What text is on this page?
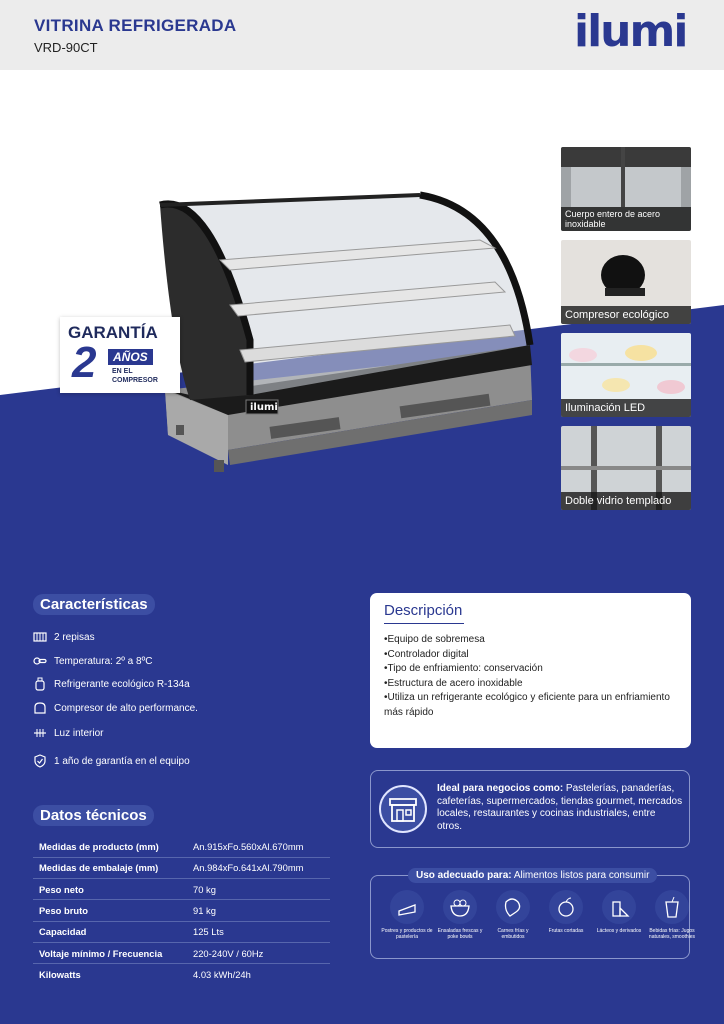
VITRINA REFRIGERADA
VRD-90CT	ilumi
ilumi
GARANTÍA
2	AÑOS
EN EL
COMPRESOR
Cuerpo entero de acero inoxidable
Compresor ecológico
Iluminación LED
Doble vidrio templado
Características
2 repisas
Temperatura: 2º a 8ºC
Refrigerante ecológico R-134a
Compresor de alto performance.
Luz interior
1 año de garantía en el equipo
Descripción
•Equipo de sobremesa
•Controlador digital
•Tipo de enfriamiento: conservación
•Estructura de acero inoxidable
•Utiliza un refrigerante ecológico y eficiente para un enfriamiento más rápido
Ideal para negocios como: Pastelerías, panaderías, cafeterías, supermercados, tiendas gourmet, mercados locales, restaurantes y cocinas industriales, entre otros.
Uso adecuado para: Alimentos listos para consumir
Postres y productos de pastelería
Ensaladas frescas y poke bowls
Carnes frías y embutidos
Frutas cortadas	Lácteos y derivados	Bebidas frías: Jugos naturales, smoothies
Datos técnicos
Medidas de producto (mm)	An.915xFo.560xAl.670mm
Medidas de embalaje (mm)	An.984xFo.641xAl.790mm
Peso neto	70 kg
Peso bruto	91 kg
Capacidad	125 Lts
Voltaje mínimo / Frecuencia	220-240V / 60Hz
Kilowatts	4.03 kWh/24h
